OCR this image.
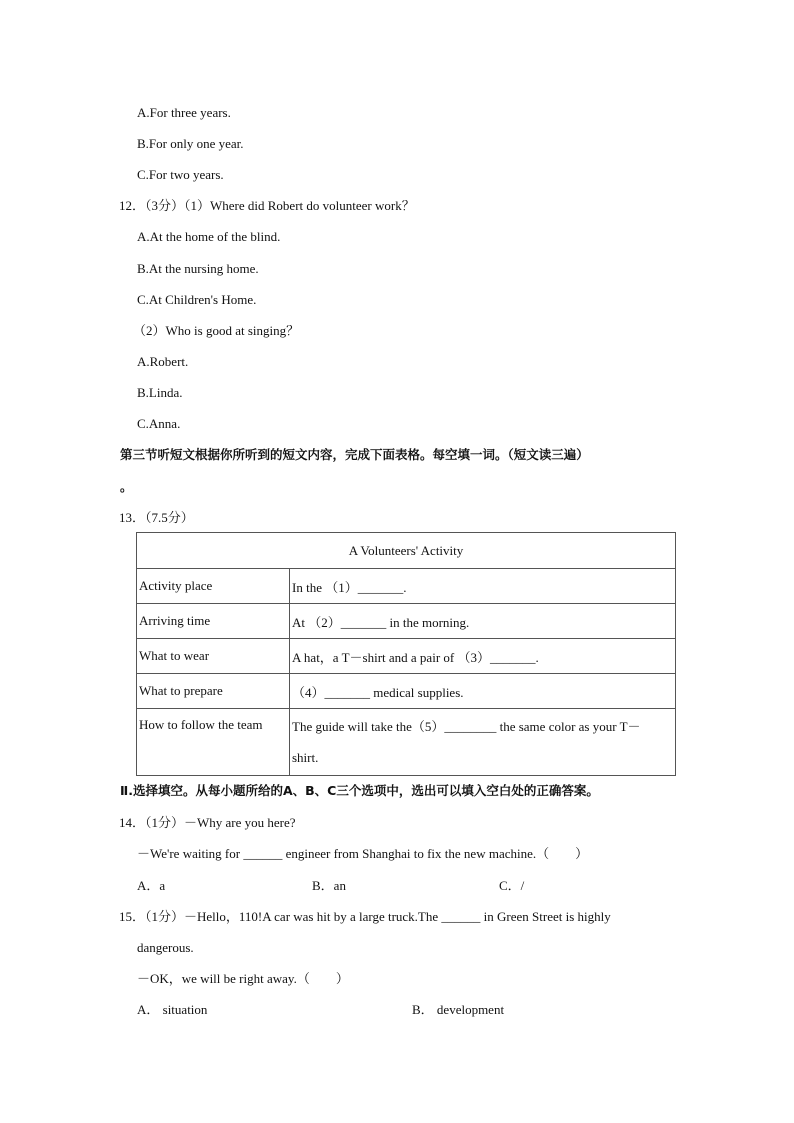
A.For three years.
B.For only one year.
C.For two years.
12．（3分）（1）Where did Robert do volunteer work？
A.At the home of the blind.
B.At the nursing home.
C.At Children's Home.
（2）Who is good at singing？
A.Robert.
B.Linda.
C.Anna.
第三节听短文根据你所听到的短文内容，完成下面表格。每空填一词。（短文读三遍）
。
13．（7.5分）
A Volunteers' Activity	
Activity place	In the （1）_______.
Arriving time	At （2）_______ in the morning.
What to wear	A hat，a T－shirt and a pair of （3）_______.
What to prepare	（4）_______ medical supplies.
How to follow the team	The guide will take the（5）________ the same color as your T－
shirt.
Ⅱ.选择填空。从每小题所给的A、B、C三个选项中，选出可以填入空白处的正确答案。
14．（1分）－Why are you here?
－We're waiting for ______ engineer from Shanghai to fix the new machine.（　　）
A．a	B．an	C．/
15．（1分）－Hello，110!A car was hit by a large truck.The ______ in Green Street is highly
dangerous.
－OK，we will be right away.（　　）
A． situation	B． development
